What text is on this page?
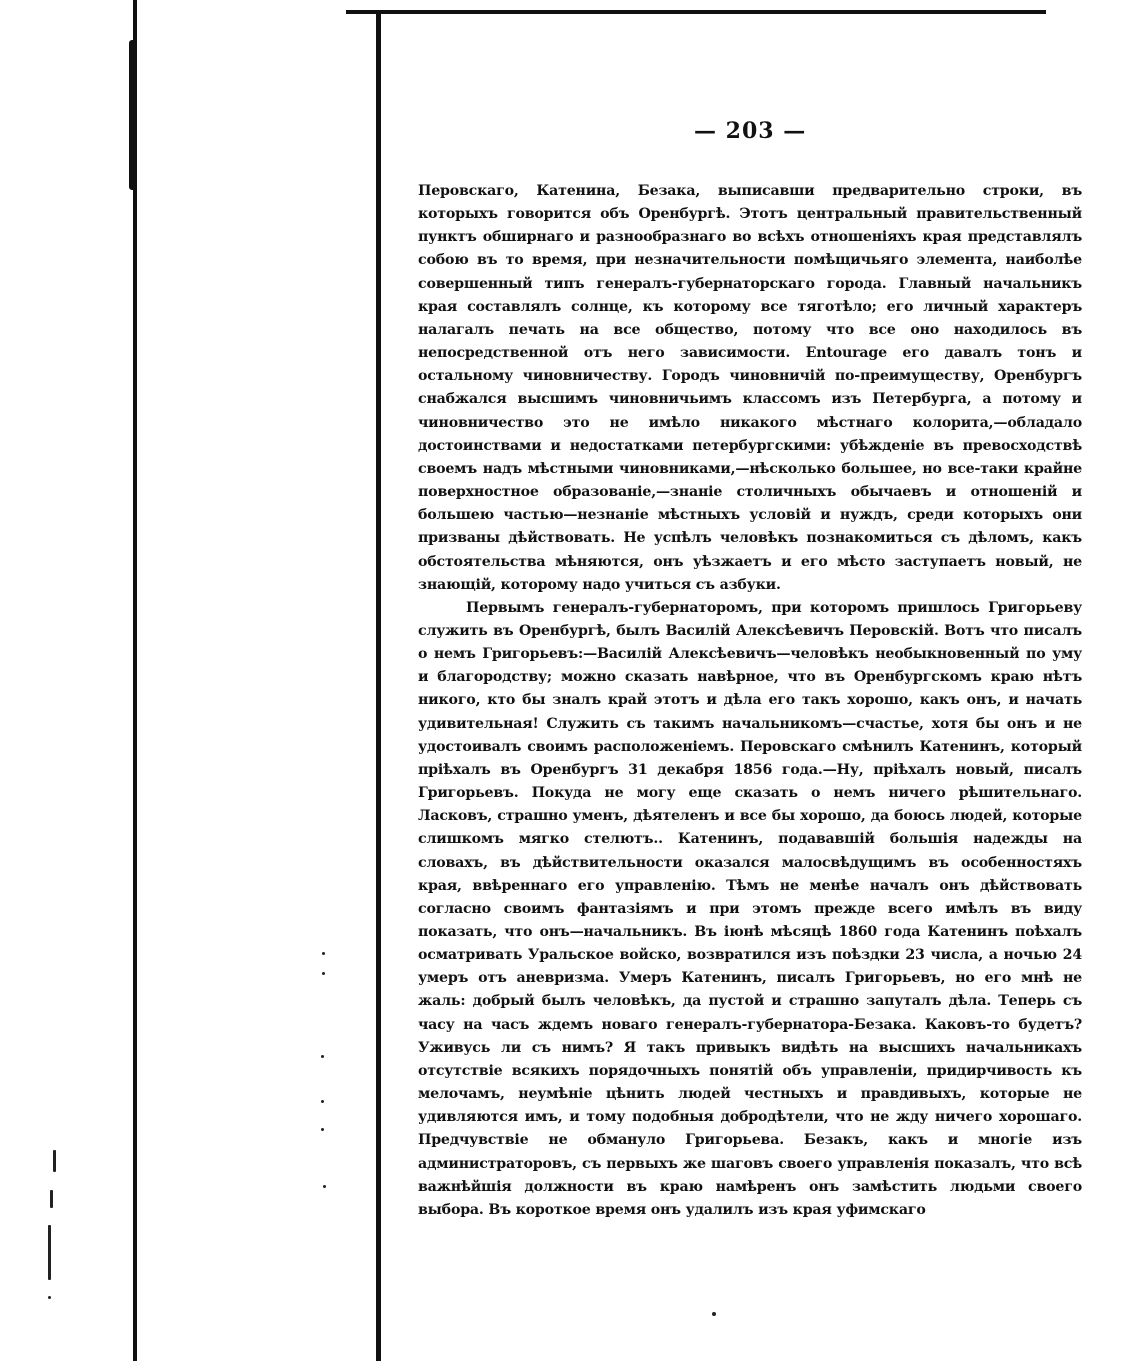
— 203 —

Перовскаго, Катенина, Безака, выписавши предварительно строки, въ которыхъ говорится объ Оренбургѣ. Этотъ центральный правительственный пунктъ обширнаго и разнообразнаго во всѣхъ отношеніяхъ края представлялъ собою въ то время, при незначительности помѣщичьяго элемента, наиболѣе совершенный типъ генералъ-губернаторскаго города. Главный начальникъ края составлялъ солнце, къ которому все тяготѣло; его личный характеръ налагалъ печать на все общество, потому что все оно находилось въ непосредственной отъ него зависимости. Entourage его давалъ тонъ и остальному чиновничеству. Городъ чиновничій по-преимуществу, Оренбургъ снабжался высшимъ чиновничьимъ классомъ изъ Петербурга, а потому и чиновничество это не имѣло никакого мѣстнаго колорита,—обладало достоинствами и недостатками петербургскими: убѣжденіе въ превосходствѣ своемъ надъ мѣстными чиновниками,—нѣсколько большее, но все-таки крайне поверхностное образованіе,—знаніе столичныхъ обычаевъ и отношеній и большею частью—незнаніе мѣстныхъ условій и нуждъ, среди которыхъ они призваны дѣйствовать. Не успѣлъ человѣкъ познакомиться съ дѣломъ, какъ обстоятельства мѣняются, онъ уѣзжаетъ и его мѣсто заступаетъ новый, не знающій, которому надо учиться съ азбуки.

Первымъ генералъ-губернаторомъ, при которомъ пришлось Григорьеву служить въ Оренбургѣ, былъ Василій Алексѣевичъ Перовскій. Вотъ что писалъ о немъ Григорьевъ:—Василій Алексѣевичъ—человѣкъ необыкновенный по уму и благородству; можно сказать навѣрное, что въ Оренбургскомъ краю нѣтъ никого, кто бы зналъ край этотъ и дѣла его такъ хорошо, какъ онъ, и начать удивительная! Служить съ такимъ начальникомъ—счастье, хотя бы онъ и не удостоивалъ своимъ расположеніемъ. Перовскаго смѣнилъ Катенинъ, который пріѣхалъ въ Оренбургъ 31 декабря 1856 года.—Ну, пріѣхалъ новый, писалъ Григорьевъ. Покуда не могу еще сказать о немъ ничего рѣшительнаго. Ласковъ, страшно уменъ, дѣятеленъ и все бы хорошо, да боюсь людей, которые слишкомъ мягко стелютъ.. Катенинъ, подававшій большія надежды на словахъ, въ дѣйствительности оказался малосвѣдущимъ въ особенностяхъ края, ввѣреннаго его управленію. Тѣмъ не менѣе началъ онъ дѣйствовать согласно своимъ фантазіямъ и при этомъ прежде всего имѣлъ въ виду показать, что онъ—начальникъ. Въ іюнѣ мѣсяцѣ 1860 года Катенинъ поѣхалъ осматривать Уральское войско, возвратился изъ поѣздки 23 числа, а ночью 24 умеръ отъ аневризма. Умеръ Катенинъ, писалъ Григорьевъ, но его мнѣ не жаль: добрый былъ человѣкъ, да пустой и страшно запуталъ дѣла. Теперь съ часу на часъ ждемъ новаго генералъ-губернатора-Безака. Каковъ-то будетъ? Уживусь ли съ нимъ? Я такъ привыкъ видѣть на высшихъ начальникахъ отсутствіе всякихъ порядочныхъ понятій объ управленіи, придирчивость къ мелочамъ, неумѣніе цѣнить людей честныхъ и правдивыхъ, которые не удивляются имъ, и тому подобныя добродѣтели, что не жду ничего хорошаго. Предчувствіе не обмануло Григорьева. Безакъ, какъ и многіе изъ администраторовъ, съ первыхъ же шаговъ своего управленія показалъ, что всѣ важнѣйшія должности въ краю намѣренъ онъ замѣстить людьми своего выбора. Въ короткое время онъ удалилъ изъ края уфимскаго
